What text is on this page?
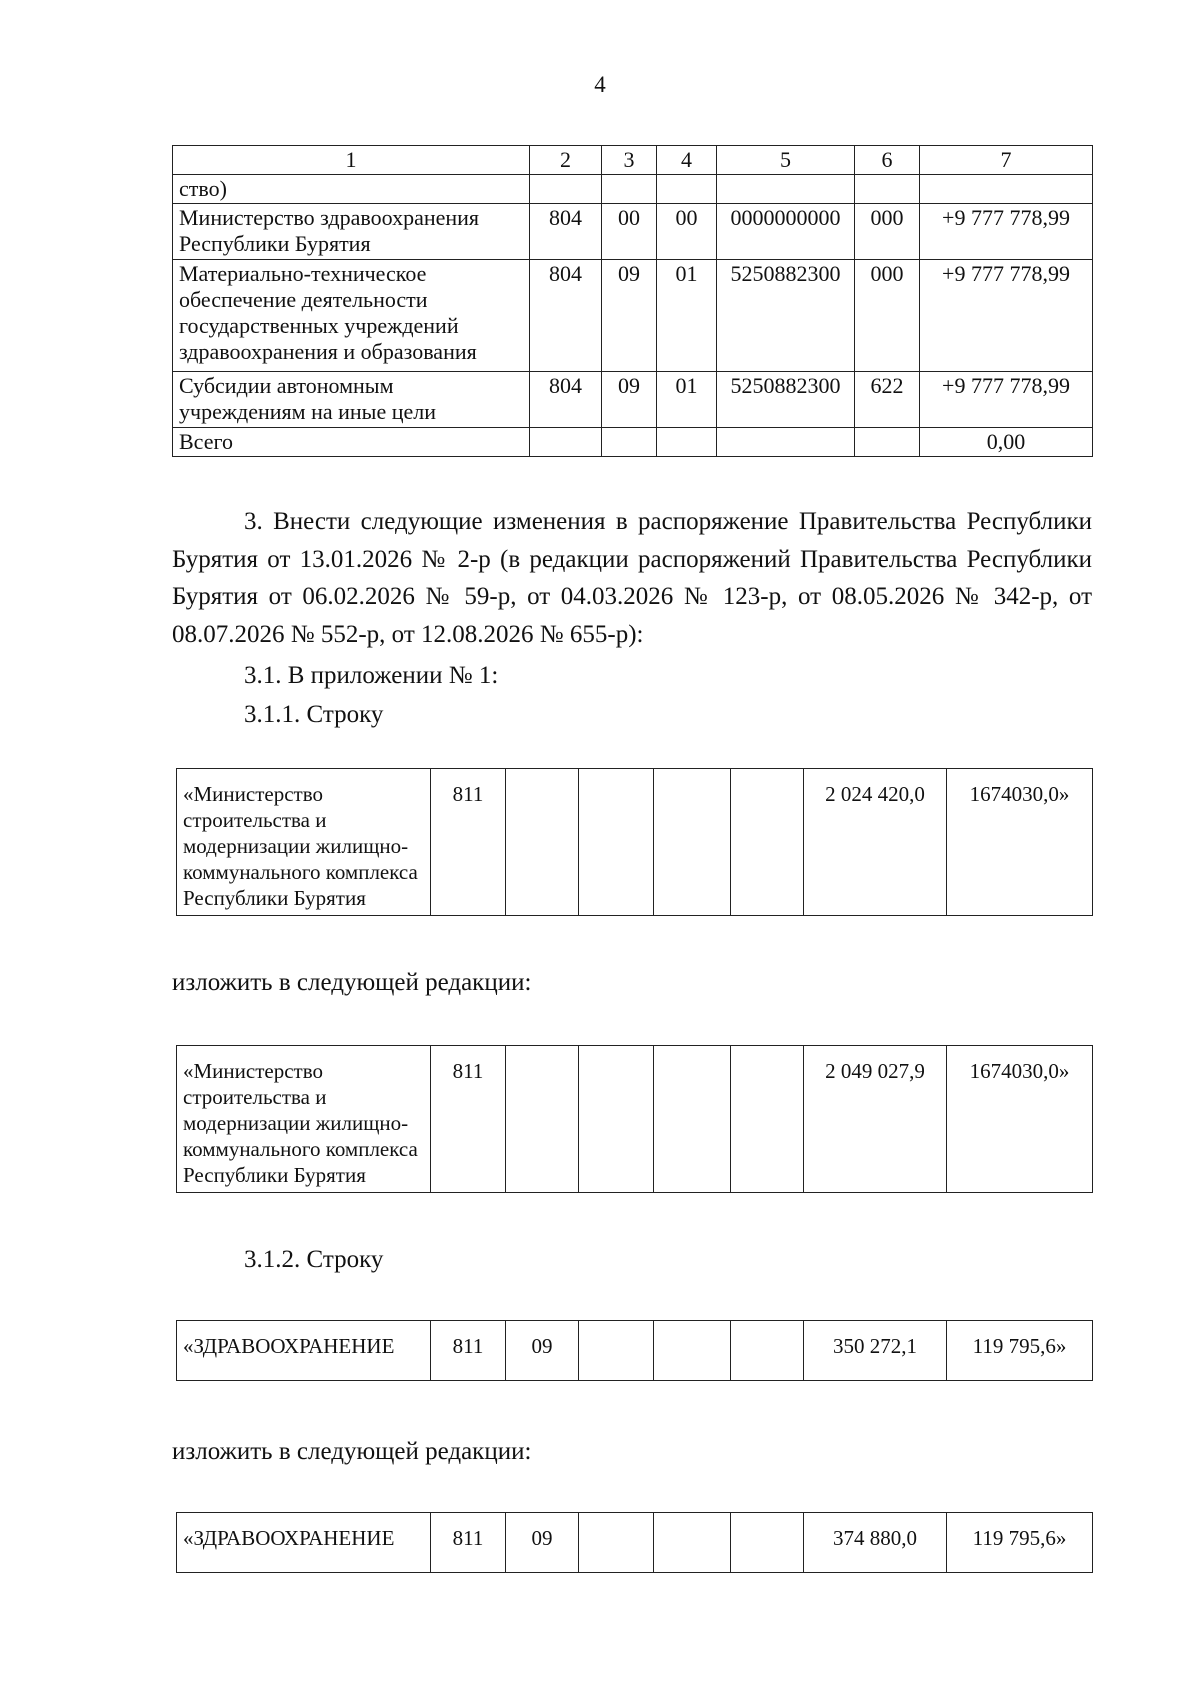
4
1	2	3	4	5	6	7
ство)						
Министерство здравоохранения Республики Бурятия	804	00	00	0000000000	000	+9 777 778,99
Материально-техническое обеспечение деятельности государственных учреждений здравоохранения и образования	804	09	01	5250882300	000	+9 777 778,99
Субсидии автономным учреждениям на иные цели	804	09	01	5250882300	622	+9 777 778,99
Всего						0,00
3. Внести следующие изменения в распоряжение Правительства Республики Бурятия от 13.01.2026 № 2-р (в редакции распоряжений Правительства Республики Бурятия от 06.02.2026 № 59-р, от 04.03.2026 № 123-р, от 08.05.2026 № 342-р, от 08.07.2026 № 552-р, от 12.08.2026 № 655-р):
3.1. В приложении № 1:
3.1.1. Строку
«Министерство строительства и модернизации жилищно-коммунального комплекса Республики Бурятия	811					2 024 420,0	1674030,0»
изложить в следующей редакции:
«Министерство строительства и модернизации жилищно-коммунального комплекса Республики Бурятия	811					2 049 027,9	1674030,0»
3.1.2. Строку
«ЗДРАВООХРАНЕНИЕ	811	09				350 272,1	119 795,6»
изложить в следующей редакции:
«ЗДРАВООХРАНЕНИЕ	811	09				374 880,0	119 795,6»
